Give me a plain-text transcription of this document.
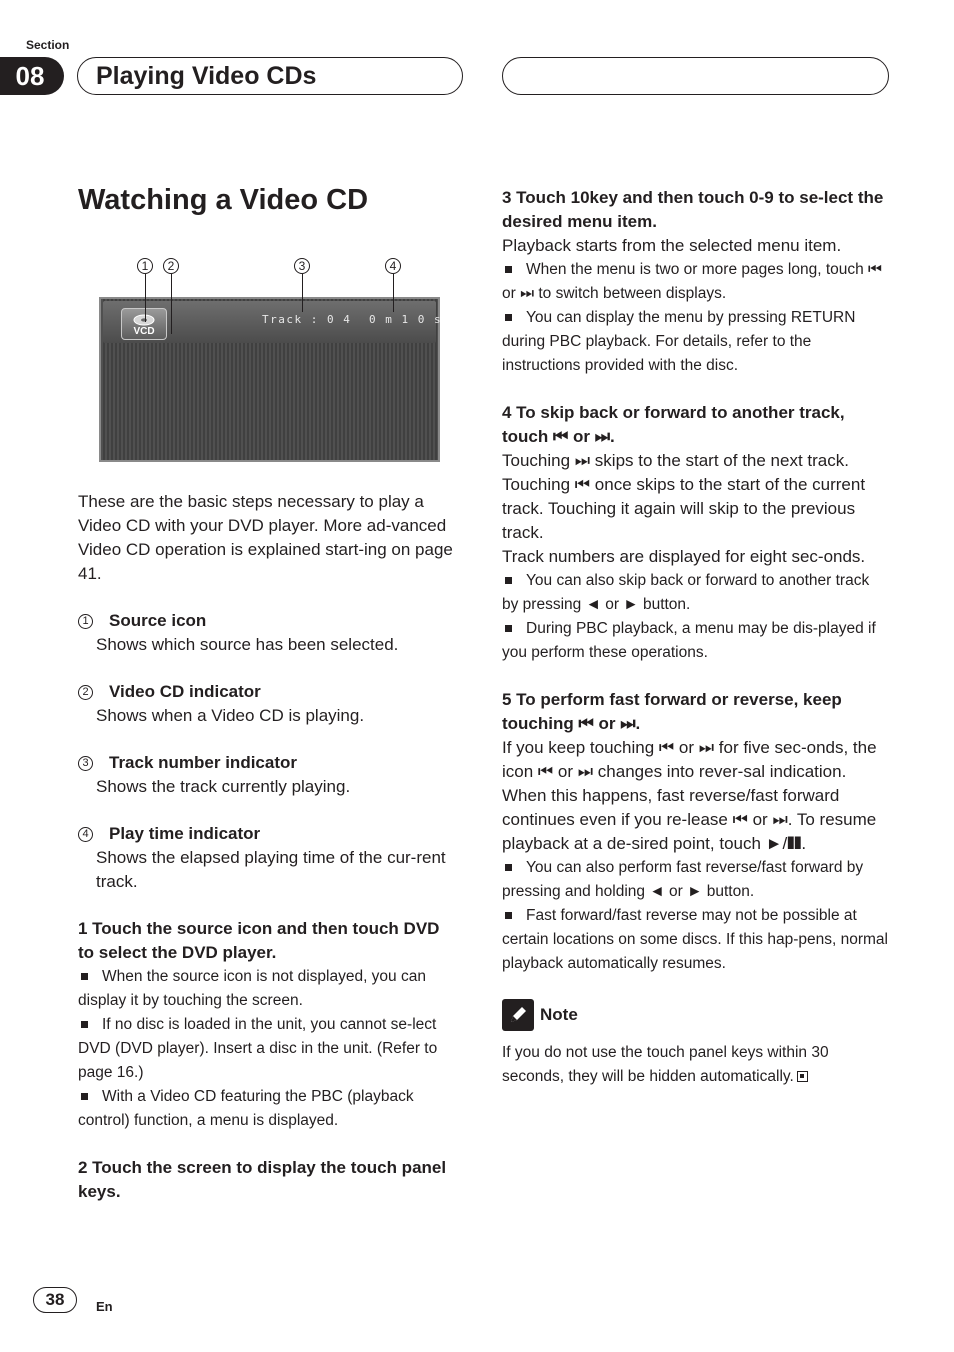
Section
08	Playing Video CDs
Watching a Video CD
1	2	3	4
VCD
Track : 0 4 0 m 1 0 s

These are the basic steps necessary to play a Video CD with your DVD player. More ad-vanced Video CD operation is explained start-ing on page 41.

1 Source icon
Shows which source has been selected.
2 Video CD indicator
Shows when a Video CD is playing.
3 Track number indicator
Shows the track currently playing.
4 Play time indicator
Shows the elapsed playing time of the cur-rent track.

1 Touch the source icon and then touch DVD to select the DVD player.

When the source icon is not displayed, you can display it by touching the screen.

If no disc is loaded in the unit, you cannot se-lect DVD (DVD player). Insert a disc in the unit. (Refer to page 16.)

With a Video CD featuring the PBC (playback control) function, a menu is displayed.

2 Touch the screen to display the touch panel keys.

3 Touch 10key and then touch 0-9 to se-lect the desired menu item.

Playback starts from the selected menu item.

When the menu is two or more pages long, touch ⏮ or ⏭ to switch between displays.

You can display the menu by pressing RETURN during PBC playback. For details, refer to the instructions provided with the disc.

4 To skip back or forward to another track, touch ⏮ or ⏭.

Touching ⏭ skips to the start of the next track. Touching ⏮ once skips to the start of the current track. Touching it again will skip to the previous track.

Track numbers are displayed for eight sec-onds.

You can also skip back or forward to another track by pressing ◄ or ► button.

During PBC playback, a menu may be dis-played if you perform these operations.

5 To perform fast forward or reverse, keep touching ⏮ or ⏭.

If you keep touching ⏮ or ⏭ for five sec-onds, the icon ⏮ or ⏭ changes into rever-sal indication. When this happens, fast reverse/fast forward continues even if you re-lease ⏮ or ⏭. To resume playback at a de-sired point, touch ►/❚❚.

You can also perform fast reverse/fast forward by pressing and holding ◄ or ► button.

Fast forward/fast reverse may not be possible at certain locations on some discs. If this hap-pens, normal playback automatically resumes.

Note

If you do not use the touch panel keys within 30 seconds, they will be hidden automatically.

38	En
